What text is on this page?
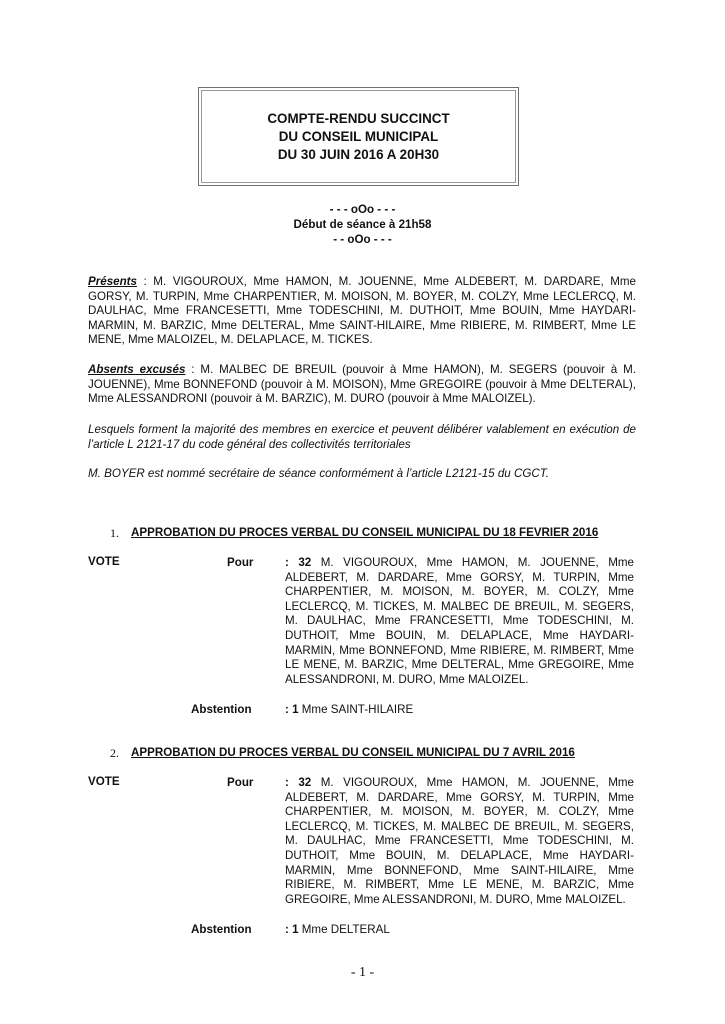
COMPTE-RENDU SUCCINCT
DU CONSEIL MUNICIPAL
DU 30 JUIN 2016 A 20H30
- - - oOo - - -
Début de séance à 21h58
- - oOo - - -

Présents : M. VIGOUROUX, Mme HAMON, M. JOUENNE, Mme ALDEBERT, M. DARDARE, Mme GORSY, M. TURPIN, Mme CHARPENTIER, M. MOISON, M. BOYER, M. COLZY, Mme LECLERCQ, M. DAULHAC, Mme FRANCESETTI, Mme TODESCHINI, M. DUTHOIT, Mme BOUIN, Mme HAYDARI-MARMIN, M. BARZIC, Mme DELTERAL, Mme SAINT-HILAIRE, Mme RIBIERE, M. RIMBERT, Mme LE MENE, Mme MALOIZEL, M. DELAPLACE, M. TICKES.

Absents excusés : M. MALBEC DE BREUIL (pouvoir à Mme HAMON), M. SEGERS (pouvoir à M. JOUENNE), Mme BONNEFOND (pouvoir à M. MOISON), Mme GREGOIRE (pouvoir à Mme DELTERAL), Mme ALESSANDRONI (pouvoir à M. BARZIC), M. DURO (pouvoir à Mme MALOIZEL).

Lesquels forment la majorité des membres en exercice et peuvent délibérer valablement en exécution de l’article L 2121-17 du code général des collectivités territoriales
M. BOYER est nommé secrétaire de séance conformément à l’article L2121-15 du CGCT.
1. APPROBATION DU PROCES VERBAL DU CONSEIL MUNICIPAL DU 18 FEVRIER 2016
VOTE	Pour	: 32 M. VIGOUROUX, Mme HAMON, M. JOUENNE, Mme ALDEBERT, M. DARDARE, Mme GORSY, M. TURPIN, Mme CHARPENTIER, M. MOISON, M. BOYER, M. COLZY, Mme LECLERCQ, M. TICKES, M. MALBEC DE BREUIL, M. SEGERS, M. DAULHAC, Mme FRANCESETTI, Mme TODESCHINI, M. DUTHOIT, Mme BOUIN, M. DELAPLACE, Mme HAYDARI-MARMIN, Mme BONNEFOND, Mme RIBIERE, M. RIMBERT, Mme LE MENE, M. BARZIC, Mme DELTERAL, Mme GREGOIRE, Mme ALESSANDRONI, M. DURO, Mme MALOIZEL.
Abstention	: 1 Mme SAINT-HILAIRE
2. APPROBATION DU PROCES VERBAL DU CONSEIL MUNICIPAL DU 7 AVRIL 2016
VOTE	Pour	: 32 M. VIGOUROUX, Mme HAMON, M. JOUENNE, Mme ALDEBERT, M. DARDARE, Mme GORSY, M. TURPIN, Mme CHARPENTIER, M. MOISON, M. BOYER, M. COLZY, Mme LECLERCQ, M. TICKES, M. MALBEC DE BREUIL, M. SEGERS, M. DAULHAC, Mme FRANCESETTI, Mme TODESCHINI, M. DUTHOIT, Mme BOUIN, M. DELAPLACE, Mme HAYDARI-MARMIN, Mme BONNEFOND, Mme SAINT-HILAIRE, Mme RIBIERE, M. RIMBERT, Mme LE MENE, M. BARZIC, Mme GREGOIRE, Mme ALESSANDRONI, M. DURO, Mme MALOIZEL.
Abstention	: 1 Mme DELTERAL
- 1 -
